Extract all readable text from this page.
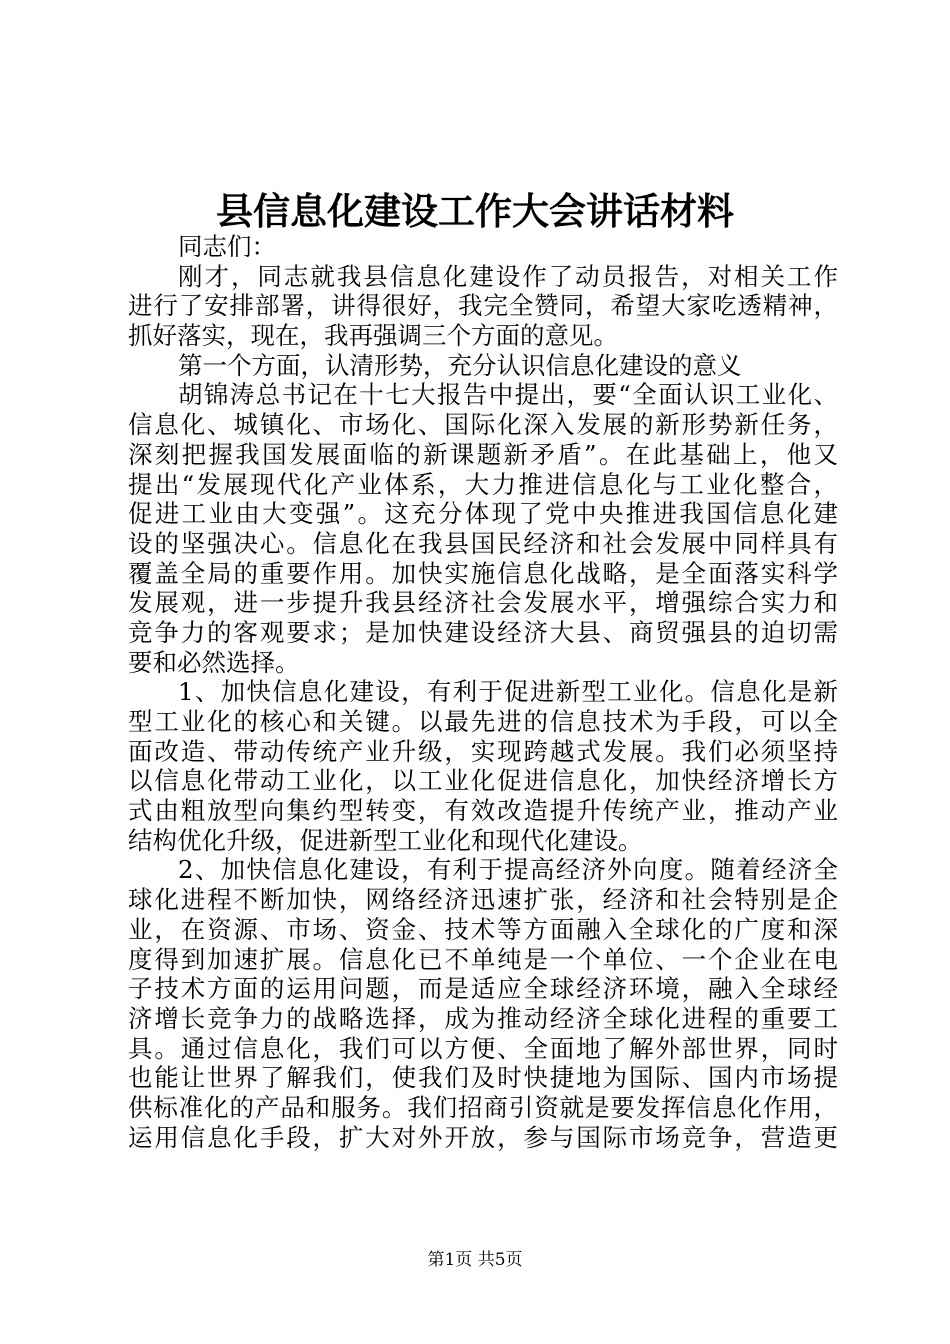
县信息化建设工作大会讲话材料
同志们：
刚才，同志就我县信息化建设作了动员报告，对相关工作
进行了安排部署，讲得很好，我完全赞同，希望大家吃透精神，
抓好落实，现在，我再强调三个方面的意见。
第一个方面，认清形势，充分认识信息化建设的意义
胡锦涛总书记在十七大报告中提出，要“全面认识工业化、
信息化、城镇化、市场化、国际化深入发展的新形势新任务，
深刻把握我国发展面临的新课题新矛盾”。在此基础上，他又
提出“发展现代化产业体系，大力推进信息化与工业化整合，
促进工业由大变强”。这充分体现了党中央推进我国信息化建
设的坚强决心。信息化在我县国民经济和社会发展中同样具有
覆盖全局的重要作用。加快实施信息化战略，是全面落实科学
发展观，进一步提升我县经济社会发展水平，增强综合实力和
竞争力的客观要求；是加快建设经济大县、商贸强县的迫切需
要和必然选择。
1、加快信息化建设，有利于促进新型工业化。信息化是新
型工业化的核心和关键。以最先进的信息技术为手段，可以全
面改造、带动传统产业升级，实现跨越式发展。我们必须坚持
以信息化带动工业化，以工业化促进信息化，加快经济增长方
式由粗放型向集约型转变，有效改造提升传统产业，推动产业
结构优化升级，促进新型工业化和现代化建设。
2、加快信息化建设，有利于提高经济外向度。随着经济全
球化进程不断加快，网络经济迅速扩张，经济和社会特别是企
业，在资源、市场、资金、技术等方面融入全球化的广度和深
度得到加速扩展。信息化已不单纯是一个单位、一个企业在电
子技术方面的运用问题，而是适应全球经济环境，融入全球经
济增长竞争力的战略选择，成为推动经济全球化进程的重要工
具。通过信息化，我们可以方便、全面地了解外部世界，同时
也能让世界了解我们，使我们及时快捷地为国际、国内市场提
供标准化的产品和服务。我们招商引资就是要发挥信息化作用，
运用信息化手段，扩大对外开放，参与国际市场竞争，营造更
第1页 共5页
